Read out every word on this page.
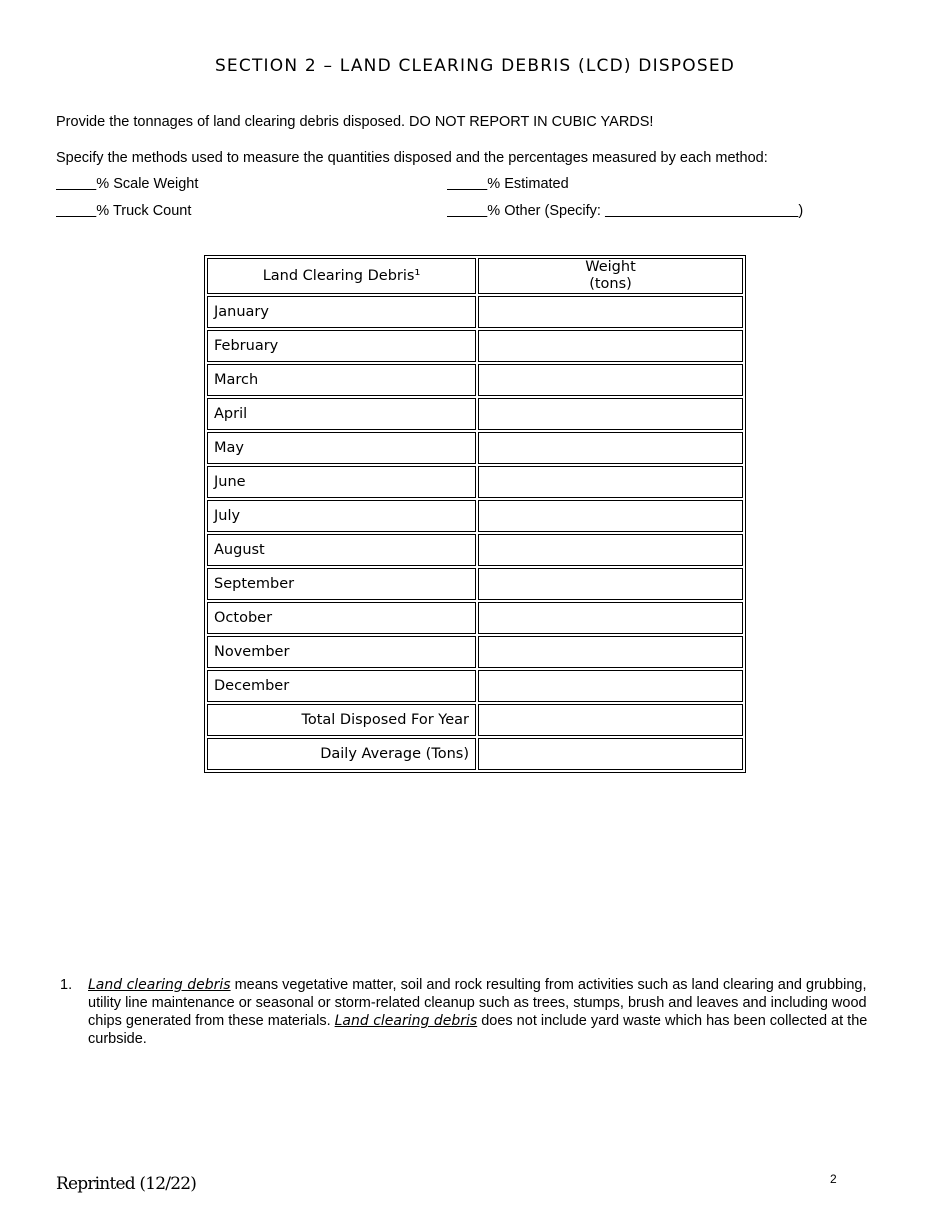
SECTION 2 – LAND CLEARING DEBRIS (LCD) DISPOSED
Provide the tonnages of land clearing debris disposed. DO NOT REPORT IN CUBIC YARDS!
Specify the methods used to measure the quantities disposed and the percentages measured by each method:
% Scale Weight	% Estimated
% Truck Count	% Other (Specify:	)
Land Clearing Debris¹	Weight
(tons)
January	
February	
March	
April	
May	
June	
July	
August	
September	
October	
November	
December	
Total Disposed For Year	
Daily Average (Tons)	
1.	Land clearing debris means vegetative matter, soil and rock resulting from activities such as land clearing and grubbing, utility line maintenance or seasonal or storm-related cleanup such as trees, stumps, brush and leaves and including wood chips generated from these materials. Land clearing debris does not include yard waste which has been collected at the curbside.
Reprinted (12/22)	2
